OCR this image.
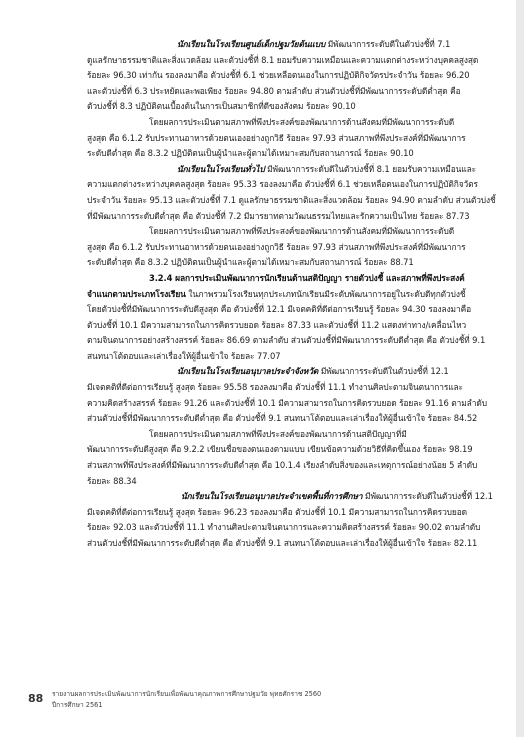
นักเรียนในโรงเรียนศูนย์เด็กปฐมวัยต้นแบบ มีพัฒนาการระดับดีในตัวบ่งชี้ที่ 7.1
ดูแลรักษาธรรมชาติและสิ่งแวดล้อม และตัวบ่งชี้ที่ 8.1 ยอมรับความเหมือนและความแตกต่างระหว่างบุคคลสูงสุด
ร้อยละ 96.30 เท่ากัน รองลงมาคือ ตัวบ่งชี้ที่ 6.1 ช่วยเหลือตนเองในการปฏิบัติกิจวัตรประจำวัน ร้อยละ 96.20
และตัวบ่งชี้ที่ 6.3 ประหยัดและพอเพียง ร้อยละ 94.80 ตามลำดับ ส่วนตัวบ่งชี้ที่มีพัฒนาการระดับดีต่ำสุด คือ
ตัวบ่งชี้ที่ 8.3 ปฏิบัติตนเบื้องต้นในการเป็นสมาชิกที่ดีของสังคม ร้อยละ 90.10
โดยผลการประเมินตามสภาพที่พึงประสงค์ของพัฒนาการด้านสังคมที่มีพัฒนาการระดับดี
สูงสุด คือ 6.1.2 รับประทานอาหารด้วยตนเองอย่างถูกวิธี ร้อยละ 97.93 ส่วนสภาพที่พึงประสงค์ที่มีพัฒนาการ
ระดับดีต่ำสุด คือ 8.3.2 ปฏิบัติตนเป็นผู้นำและผู้ตามได้เหมาะสมกับสถานการณ์ ร้อยละ 90.10
นักเรียนในโรงเรียนทั่วไป มีพัฒนาการระดับดีในตัวบ่งชี้ที่ 8.1 ยอมรับความเหมือนและ
ความแตกต่างระหว่างบุคคลสูงสุด ร้อยละ 95.33 รองลงมาคือ ตัวบ่งชี้ที่ 6.1 ช่วยเหลือตนเองในการปฏิบัติกิจวัตร
ประจำวัน ร้อยละ 95.13 และตัวบ่งชี้ที่ 7.1 ดูแลรักษาธรรมชาติและสิ่งแวดล้อม ร้อยละ 94.90 ตามลำดับ ส่วนตัวบ่งชี้
ที่มีพัฒนาการระดับดีต่ำสุด คือ ตัวบ่งชี้ที่ 7.2 มีมารยาทตามวัฒนธรรมไทยและรักความเป็นไทย ร้อยละ 87.73
โดยผลการประเมินตามสภาพที่พึงประสงค์ของพัฒนาการด้านสังคมที่มีพัฒนาการระดับดี
สูงสุด คือ 6.1.2 รับประทานอาหารด้วยตนเองอย่างถูกวิธี ร้อยละ 97.93 ส่วนสภาพที่พึงประสงค์ที่มีพัฒนาการ
ระดับดีต่ำสุด คือ 8.3.2 ปฏิบัติตนเป็นผู้นำและผู้ตามได้เหมาะสมกับสถานการณ์ ร้อยละ 88.71
3.2.4 ผลการประเมินพัฒนาการนักเรียนด้านสติปัญญา รายตัวบ่งชี้ และสภาพที่พึงประสงค์
จำแนกตามประเภทโรงเรียน ในภาพรวมโรงเรียนทุกประเภทนักเรียนมีระดับพัฒนาการอยู่ในระดับดีทุกตัวบ่งชี้
โดยตัวบ่งชี้ที่มีพัฒนาการระดับดีสูงสุด คือ ตัวบ่งชี้ที่ 12.1 มีเจตคติที่ดีต่อการเรียนรู้ ร้อยละ 94.30 รองลงมาคือ
ตัวบ่งชี้ที่ 10.1 มีความสามารถในการคิดรวบยอด ร้อยละ 87.33 และตัวบ่งชี้ที่ 11.2 แสดงท่าทาง/เคลื่อนไหว
ตามจินตนาการอย่างสร้างสรรค์ ร้อยละ 86.69 ตามลำดับ ส่วนตัวบ่งชี้ที่มีพัฒนาการระดับดีต่ำสุด คือ ตัวบ่งชี้ที่ 9.1
สนทนาโต้ตอบและเล่าเรื่องให้ผู้อื่นเข้าใจ ร้อยละ 77.07
นักเรียนในโรงเรียนอนุบาลประจำจังหวัด มีพัฒนาการระดับดีในตัวบ่งชี้ที่ 12.1
มีเจตคติที่ดีต่อการเรียนรู้ สูงสุด ร้อยละ 95.58 รองลงมาคือ ตัวบ่งชี้ที่ 11.1 ทำงานศิลปะตามจินตนาการและ
ความคิดสร้างสรรค์ ร้อยละ 91.26 และตัวบ่งชี้ที่ 10.1 มีความสามารถในการคิดรวบยอด ร้อยละ 91.16 ตามลำดับ
ส่วนตัวบ่งชี้ที่มีพัฒนาการระดับดีต่ำสุด คือ ตัวบ่งชี้ที่ 9.1 สนทนาโต้ตอบและเล่าเรื่องให้ผู้อื่นเข้าใจ ร้อยละ 84.52
โดยผลการประเมินตามสภาพที่พึงประสงค์ของพัฒนาการด้านสติปัญญาที่มี
พัฒนาการระดับดีสูงสุด คือ 9.2.2 เขียนชื่อของตนเองตามแบบ เขียนข้อความด้วยวิธีที่คิดขึ้นเอง ร้อยละ 98.19
ส่วนสภาพที่พึงประสงค์ที่มีพัฒนาการระดับดีต่ำสุด คือ 10.1.4 เรียงลำดับสิ่งของและเหตุการณ์อย่างน้อย 5 ลำดับ
ร้อยละ 88.34
นักเรียนในโรงเรียนอนุบาลประจำเขตพื้นที่การศึกษา มีพัฒนาการระดับดีในตัวบ่งชี้ที่ 12.1
มีเจตคติที่ดีต่อการเรียนรู้ สูงสุด ร้อยละ 96.23 รองลงมาคือ ตัวบ่งชี้ที่ 10.1 มีความสามารถในการคิดรวบยอด
ร้อยละ 92.03 และตัวบ่งชี้ที่ 11.1 ทำงานศิลปะตามจินตนาการและความคิดสร้างสรรค์ ร้อยละ 90.02 ตามลำดับ
ส่วนตัวบ่งชี้ที่มีพัฒนาการระดับดีต่ำสุด คือ ตัวบ่งชี้ที่ 9.1 สนทนาโต้ตอบและเล่าเรื่องให้ผู้อื่นเข้าใจ ร้อยละ 82.11
88 รายงานผลการประเมินพัฒนาการนักเรียนเพื่อพัฒนาคุณภาพการศึกษาปฐมวัย พุทธศักราช 2560
ปีการศึกษา 2561
